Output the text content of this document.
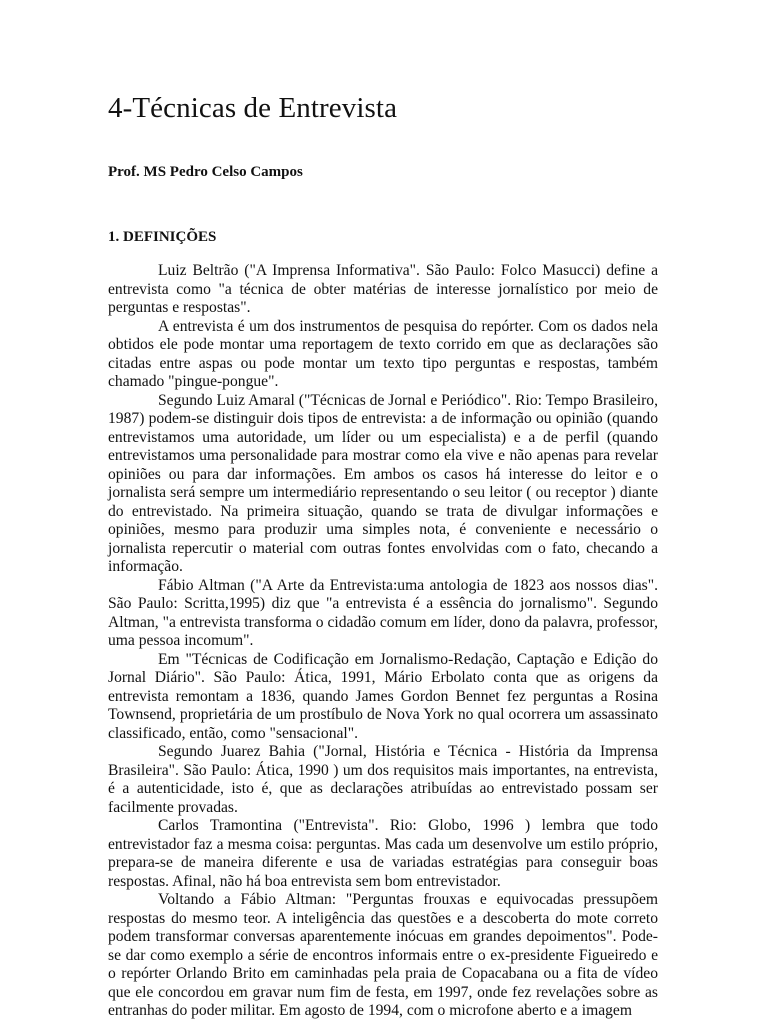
4-Técnicas de Entrevista
Prof. MS Pedro Celso Campos
1. DEFINIÇÕES

Luiz Beltrão ("A Imprensa Informativa". São Paulo: Folco Masucci) define a entrevista como "a técnica de obter matérias de interesse jornalístico por meio de perguntas e respostas".

A entrevista é um dos instrumentos de pesquisa do repórter. Com os dados nela obtidos ele pode montar uma reportagem de texto corrido em que as declarações são citadas entre aspas ou pode montar um texto tipo perguntas e respostas, também chamado "pingue-pongue".

Segundo Luiz Amaral ("Técnicas de Jornal e Periódico". Rio: Tempo Brasileiro, 1987) podem-se distinguir dois tipos de entrevista: a de informação ou opinião (quando entrevistamos uma autoridade, um líder ou um especialista) e a de perfil (quando entrevistamos uma personalidade para mostrar como ela vive e não apenas para revelar opiniões ou para dar informações. Em ambos os casos há interesse do leitor e o jornalista será sempre um intermediário representando o seu leitor ( ou receptor ) diante do entrevistado. Na primeira situação, quando se trata de divulgar informações e opiniões, mesmo para produzir uma simples nota, é conveniente e necessário o jornalista repercutir o material com outras fontes envolvidas com o fato, checando a informação.

Fábio Altman ("A Arte da Entrevista:uma antologia de 1823 aos nossos dias". São Paulo: Scritta,1995) diz que "a entrevista é a essência do jornalismo". Segundo Altman, "a entrevista transforma o cidadão comum em líder, dono da palavra, professor, uma pessoa incomum".

Em "Técnicas de Codificação em Jornalismo-Redação, Captação e Edição do Jornal Diário". São Paulo: Ática, 1991, Mário Erbolato conta que as origens da entrevista remontam a 1836, quando James Gordon Bennet fez perguntas a Rosina Townsend, proprietária de um prostíbulo de Nova York no qual ocorrera um assassinato classificado, então, como "sensacional".

Segundo Juarez Bahia ("Jornal, História e Técnica - História da Imprensa Brasileira". São Paulo: Ática, 1990 ) um dos requisitos mais importantes, na entrevista, é a autenticidade, isto é, que as declarações atribuídas ao entrevistado possam ser facilmente provadas.

Carlos Tramontina ("Entrevista". Rio: Globo, 1996 ) lembra que todo entrevistador faz a mesma coisa: perguntas. Mas cada um desenvolve um estilo próprio, prepara-se de maneira diferente e usa de variadas estratégias para conseguir boas respostas. Afinal, não há boa entrevista sem bom entrevistador.

Voltando a Fábio Altman: "Perguntas frouxas e equivocadas pressupõem respostas do mesmo teor. A inteligência das questões e a descoberta do mote correto podem transformar conversas aparentemente inócuas em grandes depoimentos". Pode-se dar como exemplo a série de encontros informais entre o ex-presidente Figueiredo e o repórter Orlando Brito em caminhadas pela praia de Copacabana ou a fita de vídeo que ele concordou em gravar num fim de festa, em 1997, onde fez revelações sobre as entranhas do poder militar. Em agosto de 1994, com o microfone aberto e a imagem
